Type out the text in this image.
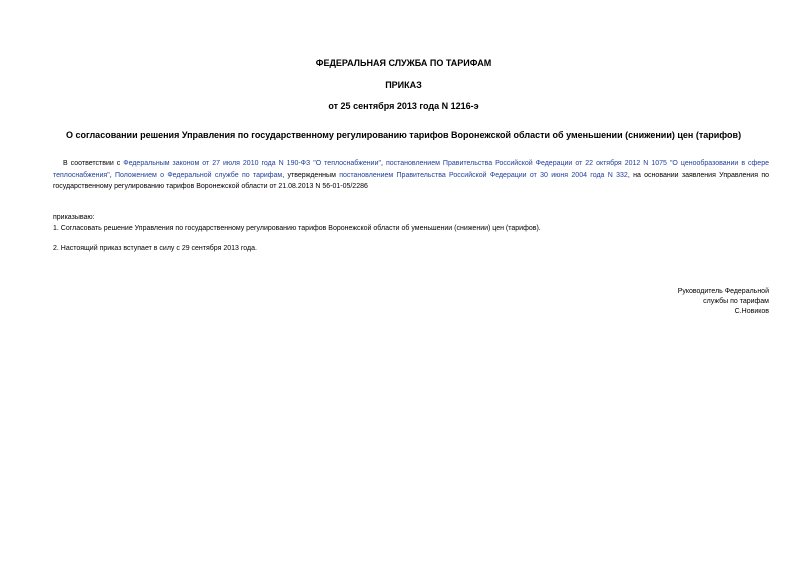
ФЕДЕРАЛЬНАЯ СЛУЖБА ПО ТАРИФАМ
ПРИКАЗ
от 25 сентября 2013 года N 1216-э
О согласовании решения Управления по государственному регулированию тарифов Воронежской области об уменьшении (снижении) цен (тарифов)
В соответствии с Федеральным законом от 27 июля 2010 года N 190-ФЗ "О теплоснабжении", постановлением Правительства Российской Федерации от 22 октября 2012 N 1075 "О ценообразовании в сфере теплоснабжения", Положением о Федеральной службе по тарифам, утвержденным постановлением Правительства Российской Федерации от 30 июня 2004 года N 332, на основании заявления Управления по государственному регулированию тарифов Воронежской области от 21.08.2013 N 56-01-05/2286
приказываю:
1. Согласовать решение Управления по государственному регулированию тарифов Воронежской области об уменьшении (снижении) цен (тарифов).
2. Настоящий приказ вступает в силу с 29 сентября 2013 года.
Руководитель Федеральной
службы по тарифам
С.Новиков
